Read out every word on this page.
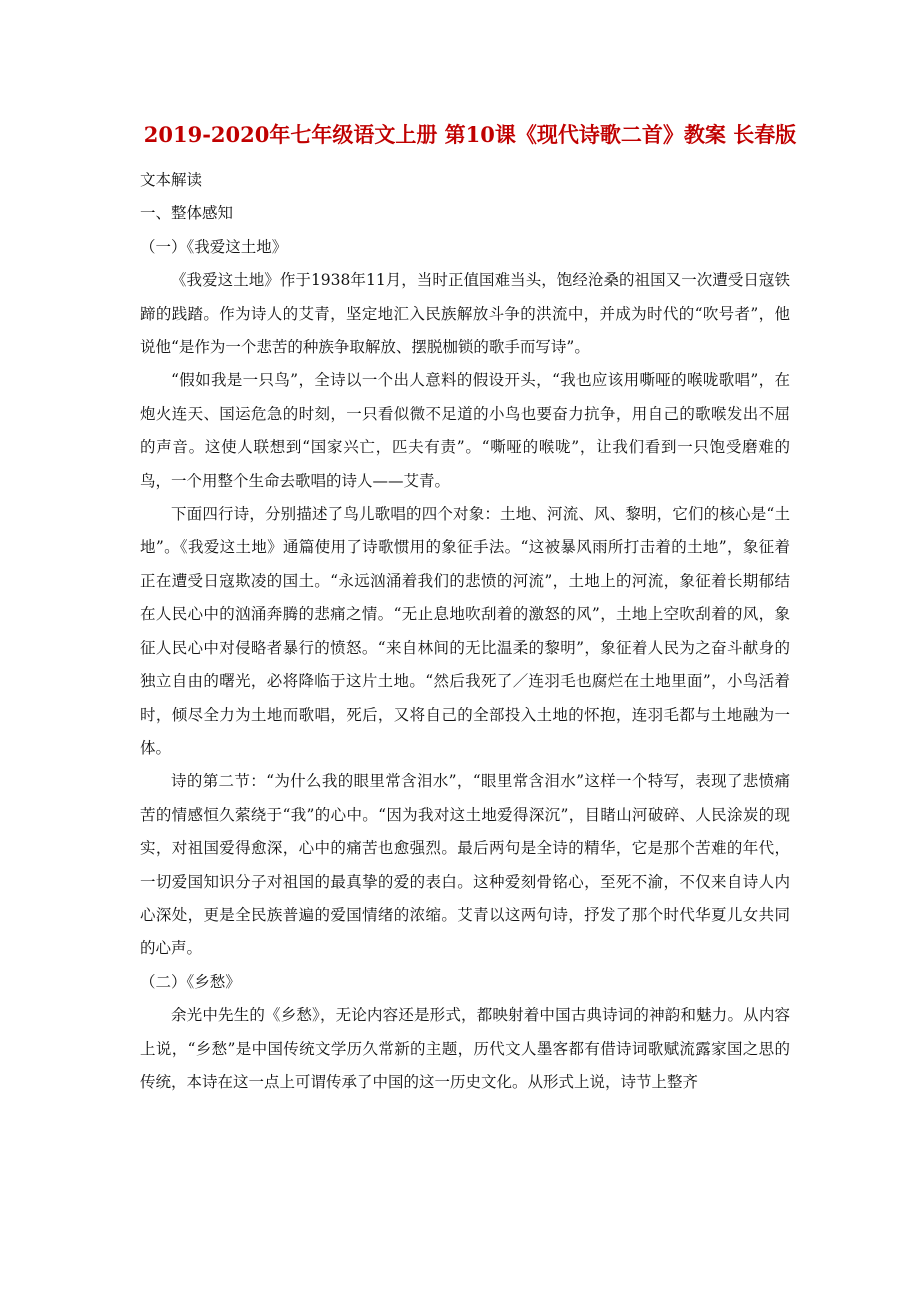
2019-2020年七年级语文上册 第10课《现代诗歌二首》教案 长春版

文本解读

一、整体感知

（一）《我爱这土地》

《我爱这土地》作于1938年11月，当时正值国难当头，饱经沧桑的祖国又一次遭受日寇铁蹄的践踏。作为诗人的艾青，坚定地汇入民族解放斗争的洪流中，并成为时代的“吹号者”，他说他“是作为一个悲苦的种族争取解放、摆脱枷锁的歌手而写诗”。

“假如我是一只鸟”，全诗以一个出人意料的假设开头，“我也应该用嘶哑的喉咙歌唱”，在炮火连天、国运危急的时刻，一只看似微不足道的小鸟也要奋力抗争，用自己的歌喉发出不屈的声音。这使人联想到“国家兴亡，匹夫有责”。“嘶哑的喉咙”，让我们看到一只饱受磨难的鸟，一个用整个生命去歌唱的诗人——艾青。

下面四行诗，分别描述了鸟儿歌唱的四个对象：土地、河流、风、黎明，它们的核心是“土地”。《我爱这土地》通篇使用了诗歌惯用的象征手法。“这被暴风雨所打击着的土地”，象征着正在遭受日寇欺凌的国土。“永远汹涌着我们的悲愤的河流”，土地上的河流，象征着长期郁结在人民心中的汹涌奔腾的悲痛之情。“无止息地吹刮着的激怒的风”，土地上空吹刮着的风，象征人民心中对侵略者暴行的愤怒。“来自林间的无比温柔的黎明”，象征着人民为之奋斗献身的独立自由的曙光，必将降临于这片土地。“然后我死了／连羽毛也腐烂在土地里面”，小鸟活着时，倾尽全力为土地而歌唱，死后，又将自己的全部投入土地的怀抱，连羽毛都与土地融为一体。

诗的第二节：“为什么我的眼里常含泪水”，“眼里常含泪水”这样一个特写，表现了悲愤痛苦的情感恒久萦绕于“我”的心中。“因为我对这土地爱得深沉”，目睹山河破碎、人民涂炭的现实，对祖国爱得愈深，心中的痛苦也愈强烈。最后两句是全诗的精华，它是那个苦难的年代，一切爱国知识分子对祖国的最真挚的爱的表白。这种爱刻骨铭心，至死不渝，不仅来自诗人内心深处，更是全民族普遍的爱国情绪的浓缩。艾青以这两句诗，抒发了那个时代华夏儿女共同的心声。

（二）《乡愁》

余光中先生的《乡愁》，无论内容还是形式，都映射着中国古典诗词的神韵和魅力。从内容上说，“乡愁”是中国传统文学历久常新的主题，历代文人墨客都有借诗词歌赋流露家国之思的传统，本诗在这一点上可谓传承了中国的这一历史文化。从形式上说，诗节上整齐
